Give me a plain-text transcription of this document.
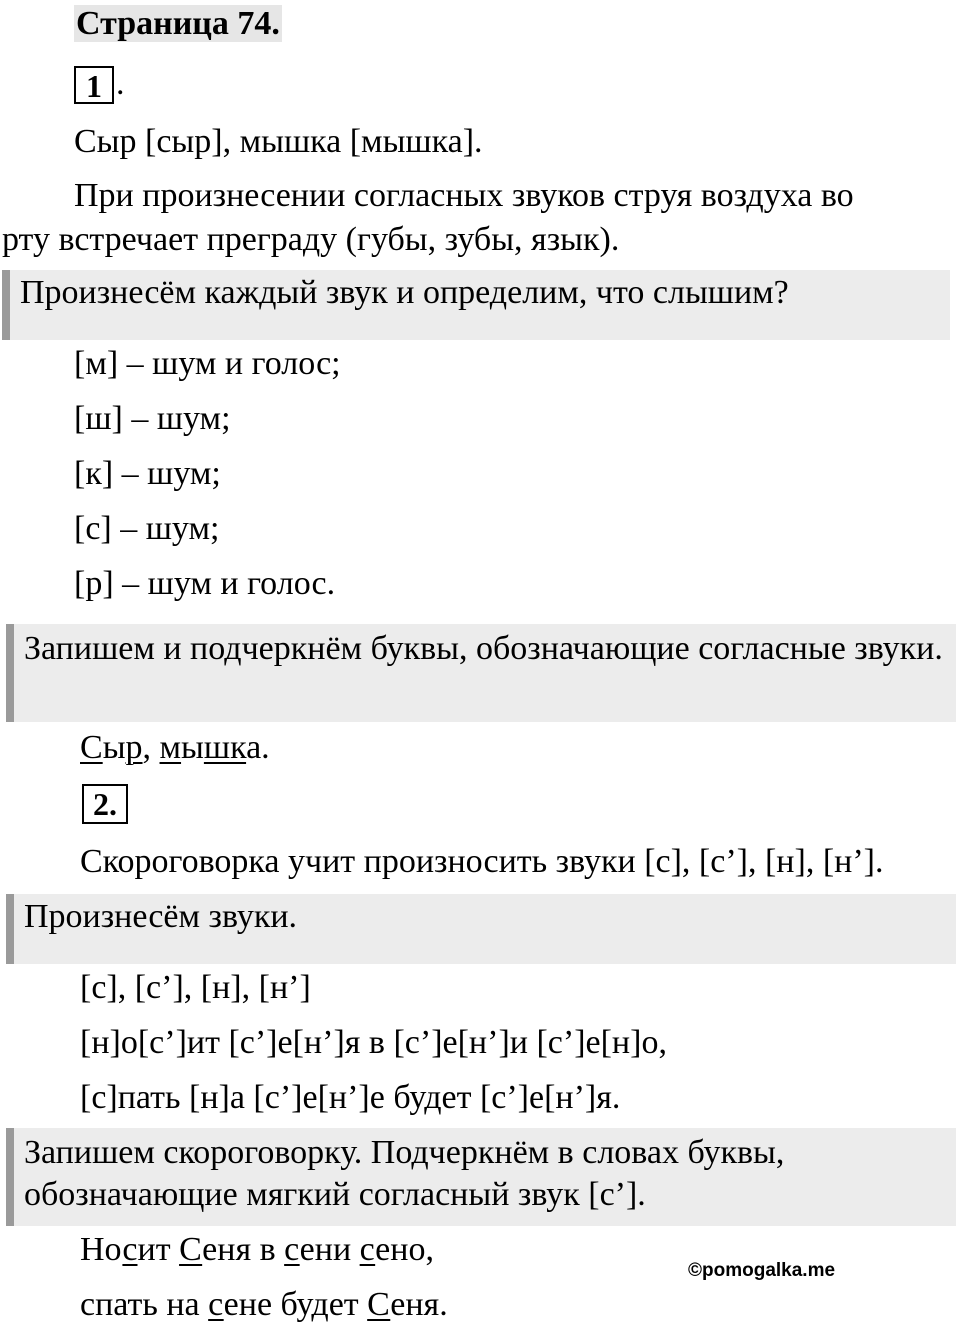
Страница 74.
1 .
Сыр [сыр], мышка [мышка].
При произнесении согласных звуков струя воздуха во
рту встречает преграду (губы, зубы, язык).
Произнесём каждый звук и определим, что слышим?
[м] – шум и голос;
[ш] – шум;
[к] – шум;
[с] – шум;
[р] – шум и голос.
Запишем и подчеркнём буквы, обозначающие согласные звуки.
Сыр, мышка.
2.
Скороговорка учит произносить звуки [с], [с’], [н], [н’].
Произнесём звуки.
[с], [с’], [н], [н’]
[н]о[с’]ит [с’]е[н’]я в [с’]е[н’]и [с’]е[н]о,
[с]пать [н]а [с’]е[н’]е будет [с’]е[н’]я.
Запишем скороговорку. Подчеркнём в словах буквы, обозначающие мягкий согласный звук [с’].
Носит Сеня в сени сено,
спать на сене будет Сеня.
©pomogalka.me
